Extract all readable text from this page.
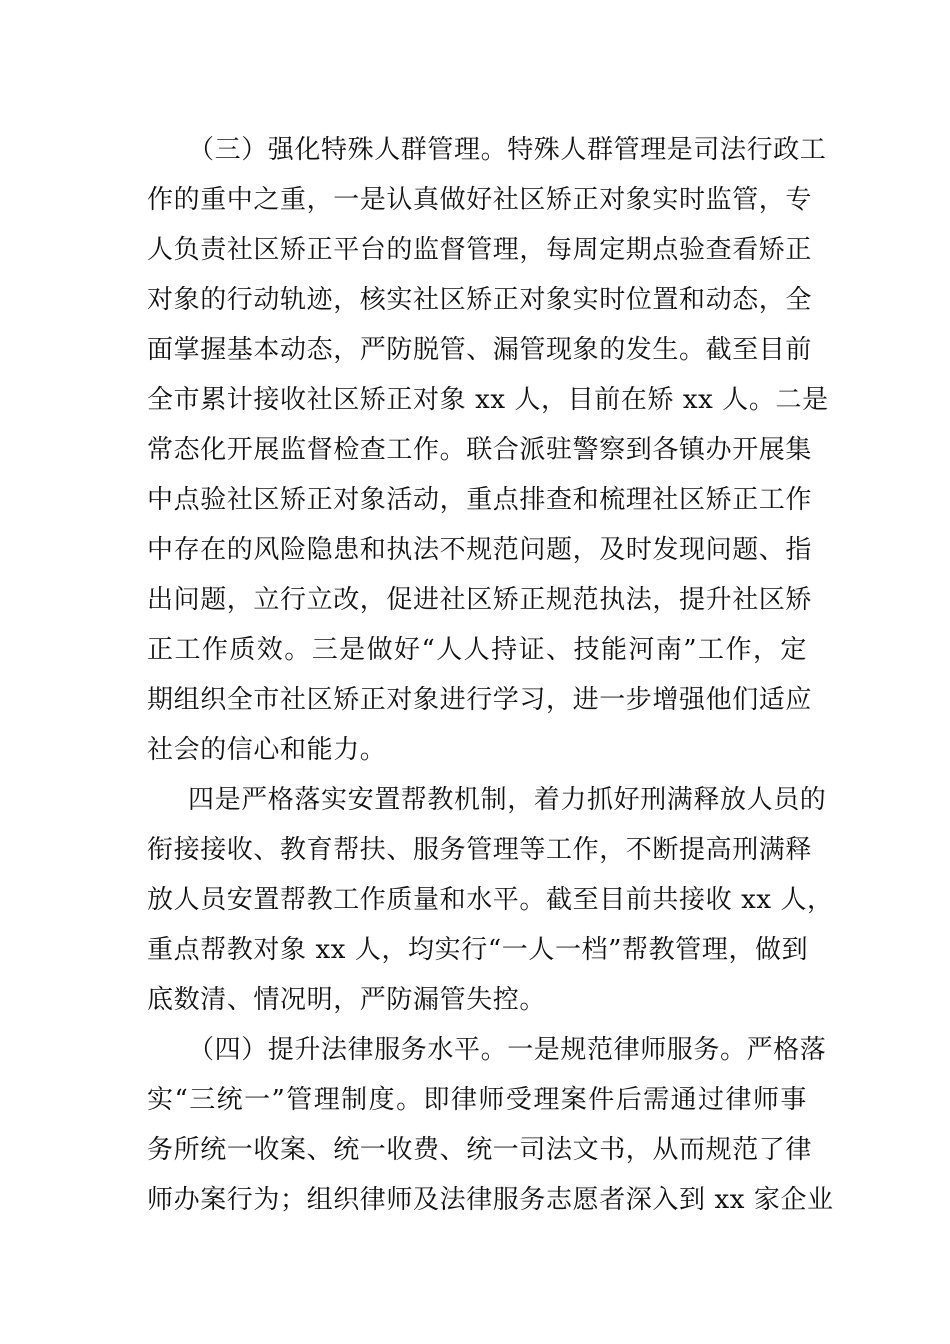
（三）强化特殊人群管理。特殊人群管理是司法行政工
作的重中之重，一是认真做好社区矫正对象实时监管，专
人负责社区矫正平台的监督管理，每周定期点验查看矫正
对象的行动轨迹，核实社区矫正对象实时位置和动态，全
面掌握基本动态，严防脱管、漏管现象的发生。截至目前
全市累计接收社区矫正对象 xx 人，目前在矫 xx 人。二是
常态化开展监督检查工作。联合派驻警察到各镇办开展集
中点验社区矫正对象活动，重点排查和梳理社区矫正工作
中存在的风险隐患和执法不规范问题，及时发现问题、指
出问题，立行立改，促进社区矫正规范执法，提升社区矫
正工作质效。三是做好“人人持证、技能河南”工作，定
期组织全市社区矫正对象进行学习，进一步增强他们适应
社会的信心和能力。
四是严格落实安置帮教机制，着力抓好刑满释放人员的
衔接接收、教育帮扶、服务管理等工作，不断提高刑满释
放人员安置帮教工作质量和水平。截至目前共接收 xx 人，
重点帮教对象 xx 人，均实行“一人一档”帮教管理，做到
底数清、情况明，严防漏管失控。
（四）提升法律服务水平。一是规范律师服务。严格落
实“三统一”管理制度。即律师受理案件后需通过律师事
务所统一收案、统一收费、统一司法文书，从而规范了律
师办案行为；组织律师及法律服务志愿者深入到 xx 家企业
